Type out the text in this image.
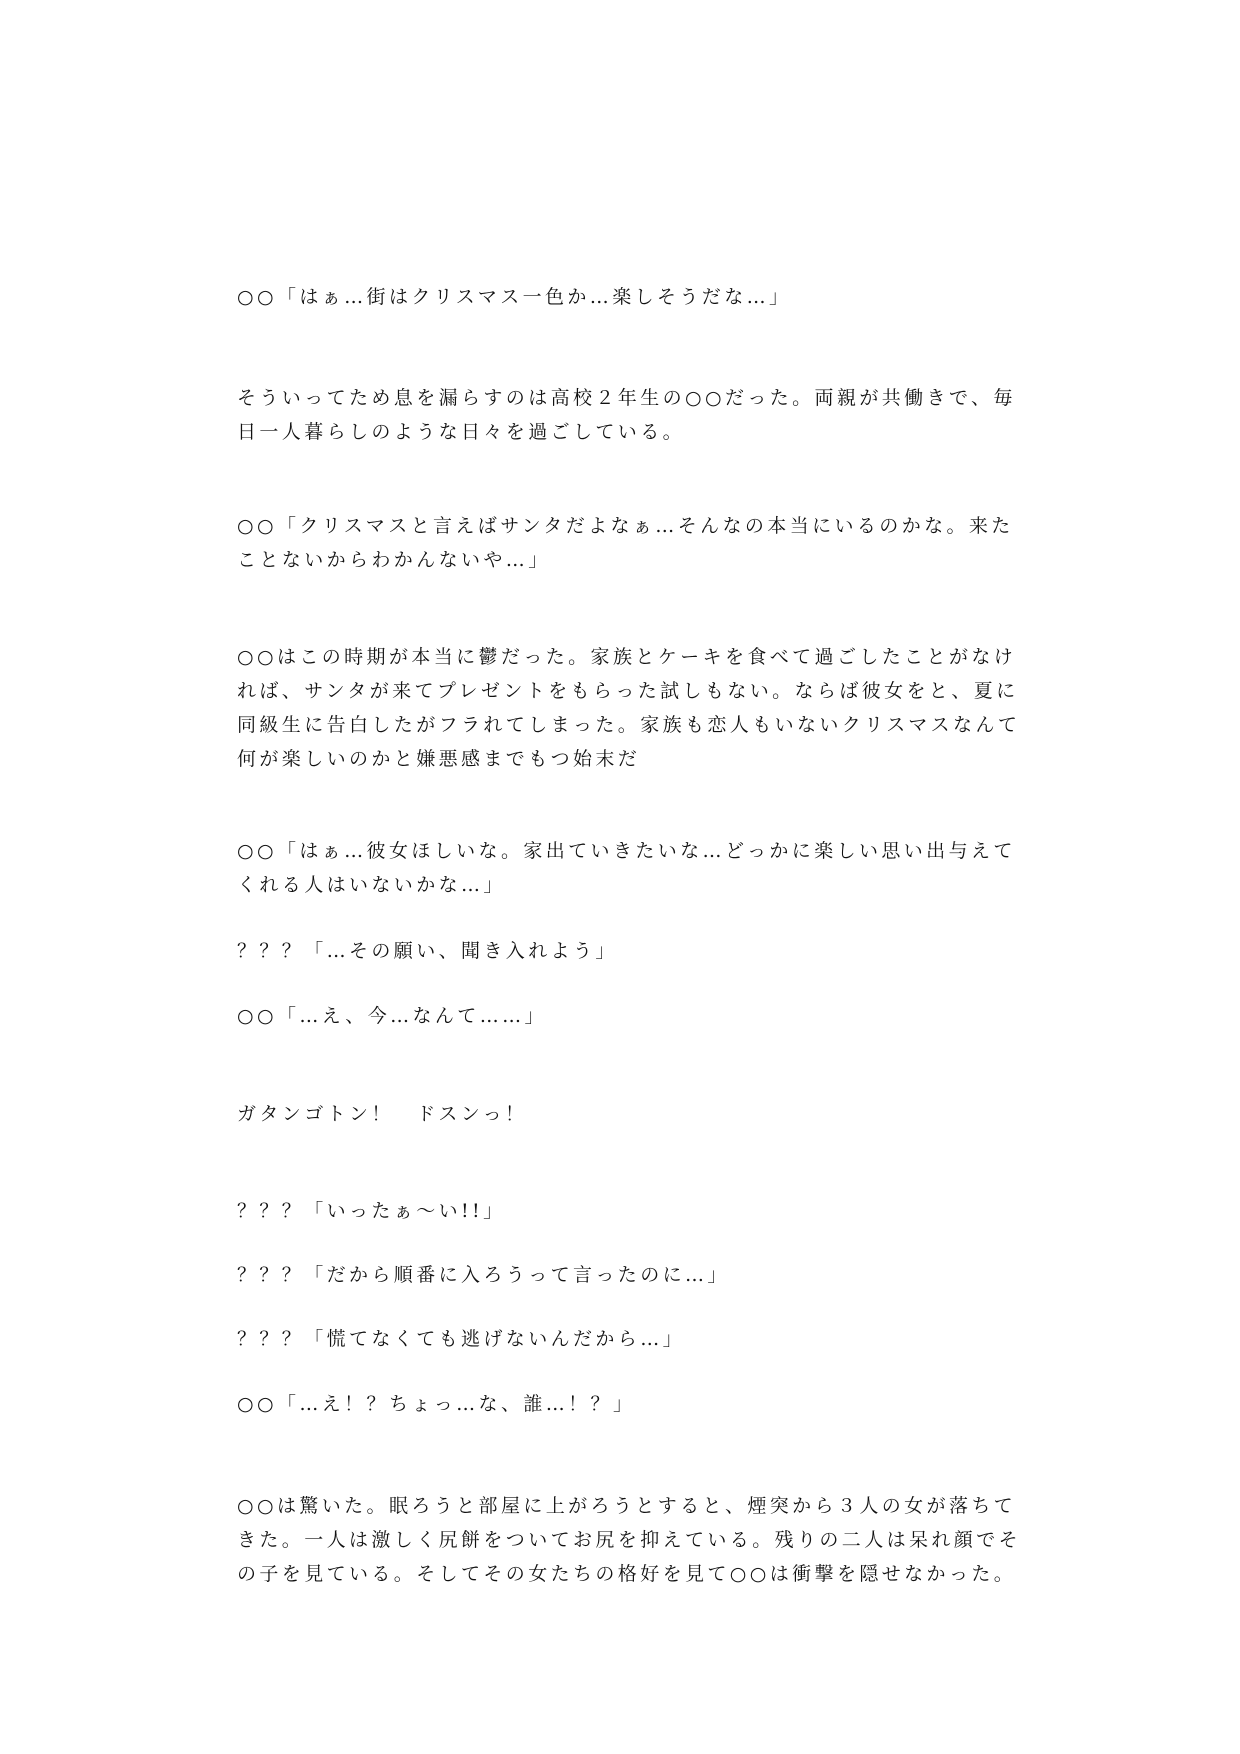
○○「はぁ…街はクリスマス一色か…楽しそうだな…」

そういってため息を漏らすのは高校２年生の○○だった。両親が共働きで、毎
日一人暮らしのような日々を過ごしている。
○○「クリスマスと言えばサンタだよなぁ…そんなの本当にいるのかな。来た
ことないからわかんないや…」
○○はこの時期が本当に鬱だった。家族とケーキを食べて過ごしたことがなけ
れば、サンタが来てプレゼントをもらった試しもない。ならば彼女をと、夏に
同級生に告白したがフラれてしまった。家族も恋人もいないクリスマスなんて
何が楽しいのかと嫌悪感までもつ始末だ
○○「はぁ…彼女ほしいな。家出ていきたいな…どっかに楽しい思い出与えて
くれる人はいないかな…」

？？？「…その願い、聞き入れよう」

○○「…え、今…なんて……」

ガタンゴトン！　ドスンっ！

？？？「いったぁ～い!!」

？？？「だから順番に入ろうって言ったのに…」

？？？「慌てなくても逃げないんだから…」

○○「…え！？ちょっ…な、誰…！？」

○○は驚いた。眠ろうと部屋に上がろうとすると、煙突から３人の女が落ちて
きた。一人は激しく尻餅をついてお尻を抑えている。残りの二人は呆れ顔でそ
の子を見ている。そしてその女たちの格好を見て○○は衝撃を隠せなかった。
